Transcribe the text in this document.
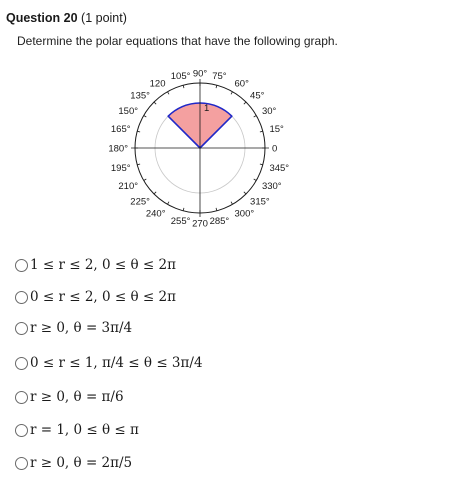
Question 20 (1 point)
Determine the polar equations that have the following graph.
1
0
15°
30°
45°
60°
75°
90°
105°
120
135°
150°
165°
180°
195°
210°
225°
240°
255° 270 285°
300°
315°
330°
345°
1 ≤ r ≤ 2, 0 ≤ θ ≤ 2π
0 ≤ r ≤ 2, 0 ≤ θ ≤ 2π
r ≥ 0, θ = 3π/4
0 ≤ r ≤ 1, π/4 ≤ θ ≤ 3π/4
r ≥ 0, θ = π/6
r = 1, 0 ≤ θ ≤ π
r ≥ 0, θ = 2π/5
